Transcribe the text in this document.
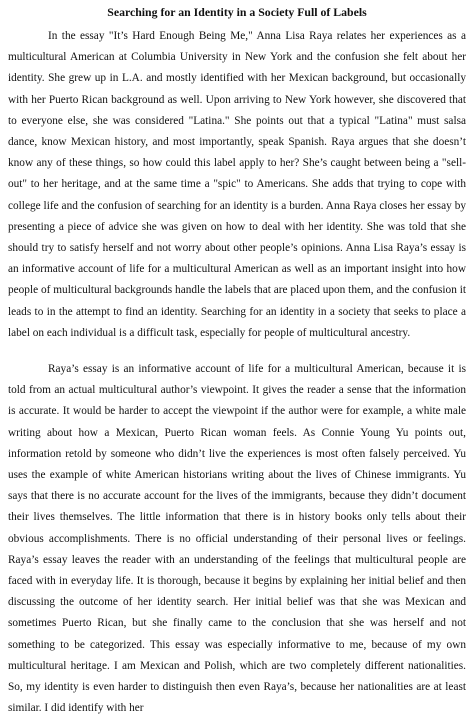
Searching for an Identity in a Society Full of Labels

In the essay "It’s Hard Enough Being Me," Anna Lisa Raya relates her experiences as a multicultural American at Columbia University in New York and the confusion she felt about her identity. She grew up in L.A. and mostly identified with her Mexican background, but occasionally with her Puerto Rican background as well. Upon arriving to New York however, she discovered that to everyone else, she was considered "Latina." She points out that a typical "Latina" must salsa dance, know Mexican history, and most importantly, speak Spanish. Raya argues that she doesn’t know any of these things, so how could this label apply to her? She’s caught between being a "sell-out" to her heritage, and at the same time a "spic" to Americans. She adds that trying to cope with college life and the confusion of searching for an identity is a burden. Anna Raya closes her essay by presenting a piece of advice she was given on how to deal with her identity. She was told that she should try to satisfy herself and not worry about other people’s opinions. Anna Lisa Raya’s essay is an informative account of life for a multicultural American as well as an important insight into how people of multicultural backgrounds handle the labels that are placed upon them, and the confusion it leads to in the attempt to find an identity. Searching for an identity in a society that seeks to place a label on each individual is a difficult task, especially for people of multicultural ancestry.

Raya’s essay is an informative account of life for a multicultural American, because it is told from an actual multicultural author’s viewpoint. It gives the reader a sense that the information is accurate. It would be harder to accept the viewpoint if the author were for example, a white male writing about how a Mexican, Puerto Rican woman feels. As Connie Young Yu points out, information retold by someone who didn’t live the experiences is most often falsely perceived. Yu uses the example of white American historians writing about the lives of Chinese immigrants. Yu says that there is no accurate account for the lives of the immigrants, because they didn’t document their lives themselves. The little information that there is in history books only tells about their obvious accomplishments. There is no official understanding of their personal lives or feelings. Raya’s essay leaves the reader with an understanding of the feelings that multicultural people are faced with in everyday life. It is thorough, because it begins by explaining her initial belief and then discussing the outcome of her identity search. Her initial belief was that she was Mexican and sometimes Puerto Rican, but she finally came to the conclusion that she was herself and not something to be categorized. This essay was especially informative to me, because of my own multicultural heritage. I am Mexican and Polish, which are two completely different nationalities. So, my identity is even harder to distinguish then even Raya’s, because her nationalities are at least similar. I did identify with her
